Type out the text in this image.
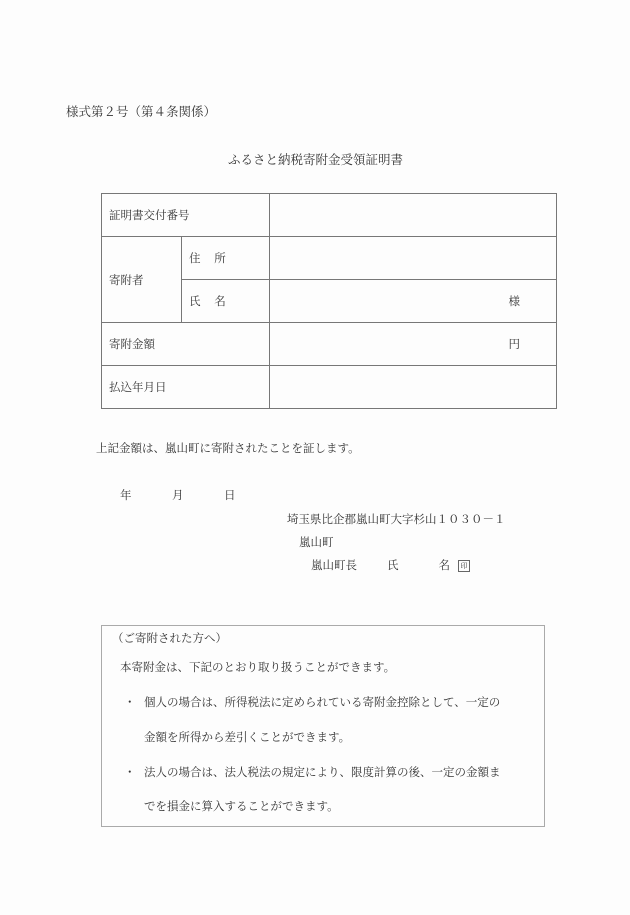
様式第２号（第４条関係）
ふるさと納税寄附金受領証明書
証明書交付番号		
寄附者	住所	
	氏名	様
寄附金額		円
払込年月日		
上記金額は、嵐山町に寄附されたことを証します。
年	月	日
埼玉県比企郡嵐山町大字杉山１０３０－１
嵐山町
嵐山町長	氏	名 印
（ご寄附された方へ）
本寄附金は、下記のとおり取り扱うことができます。
・ 個人の場合は、所得税法に定められている寄附金控除として、一定の
金額を所得から差引くことができます。
・ 法人の場合は、法人税法の規定により、限度計算の後、一定の金額ま
でを損金に算入することができます。
